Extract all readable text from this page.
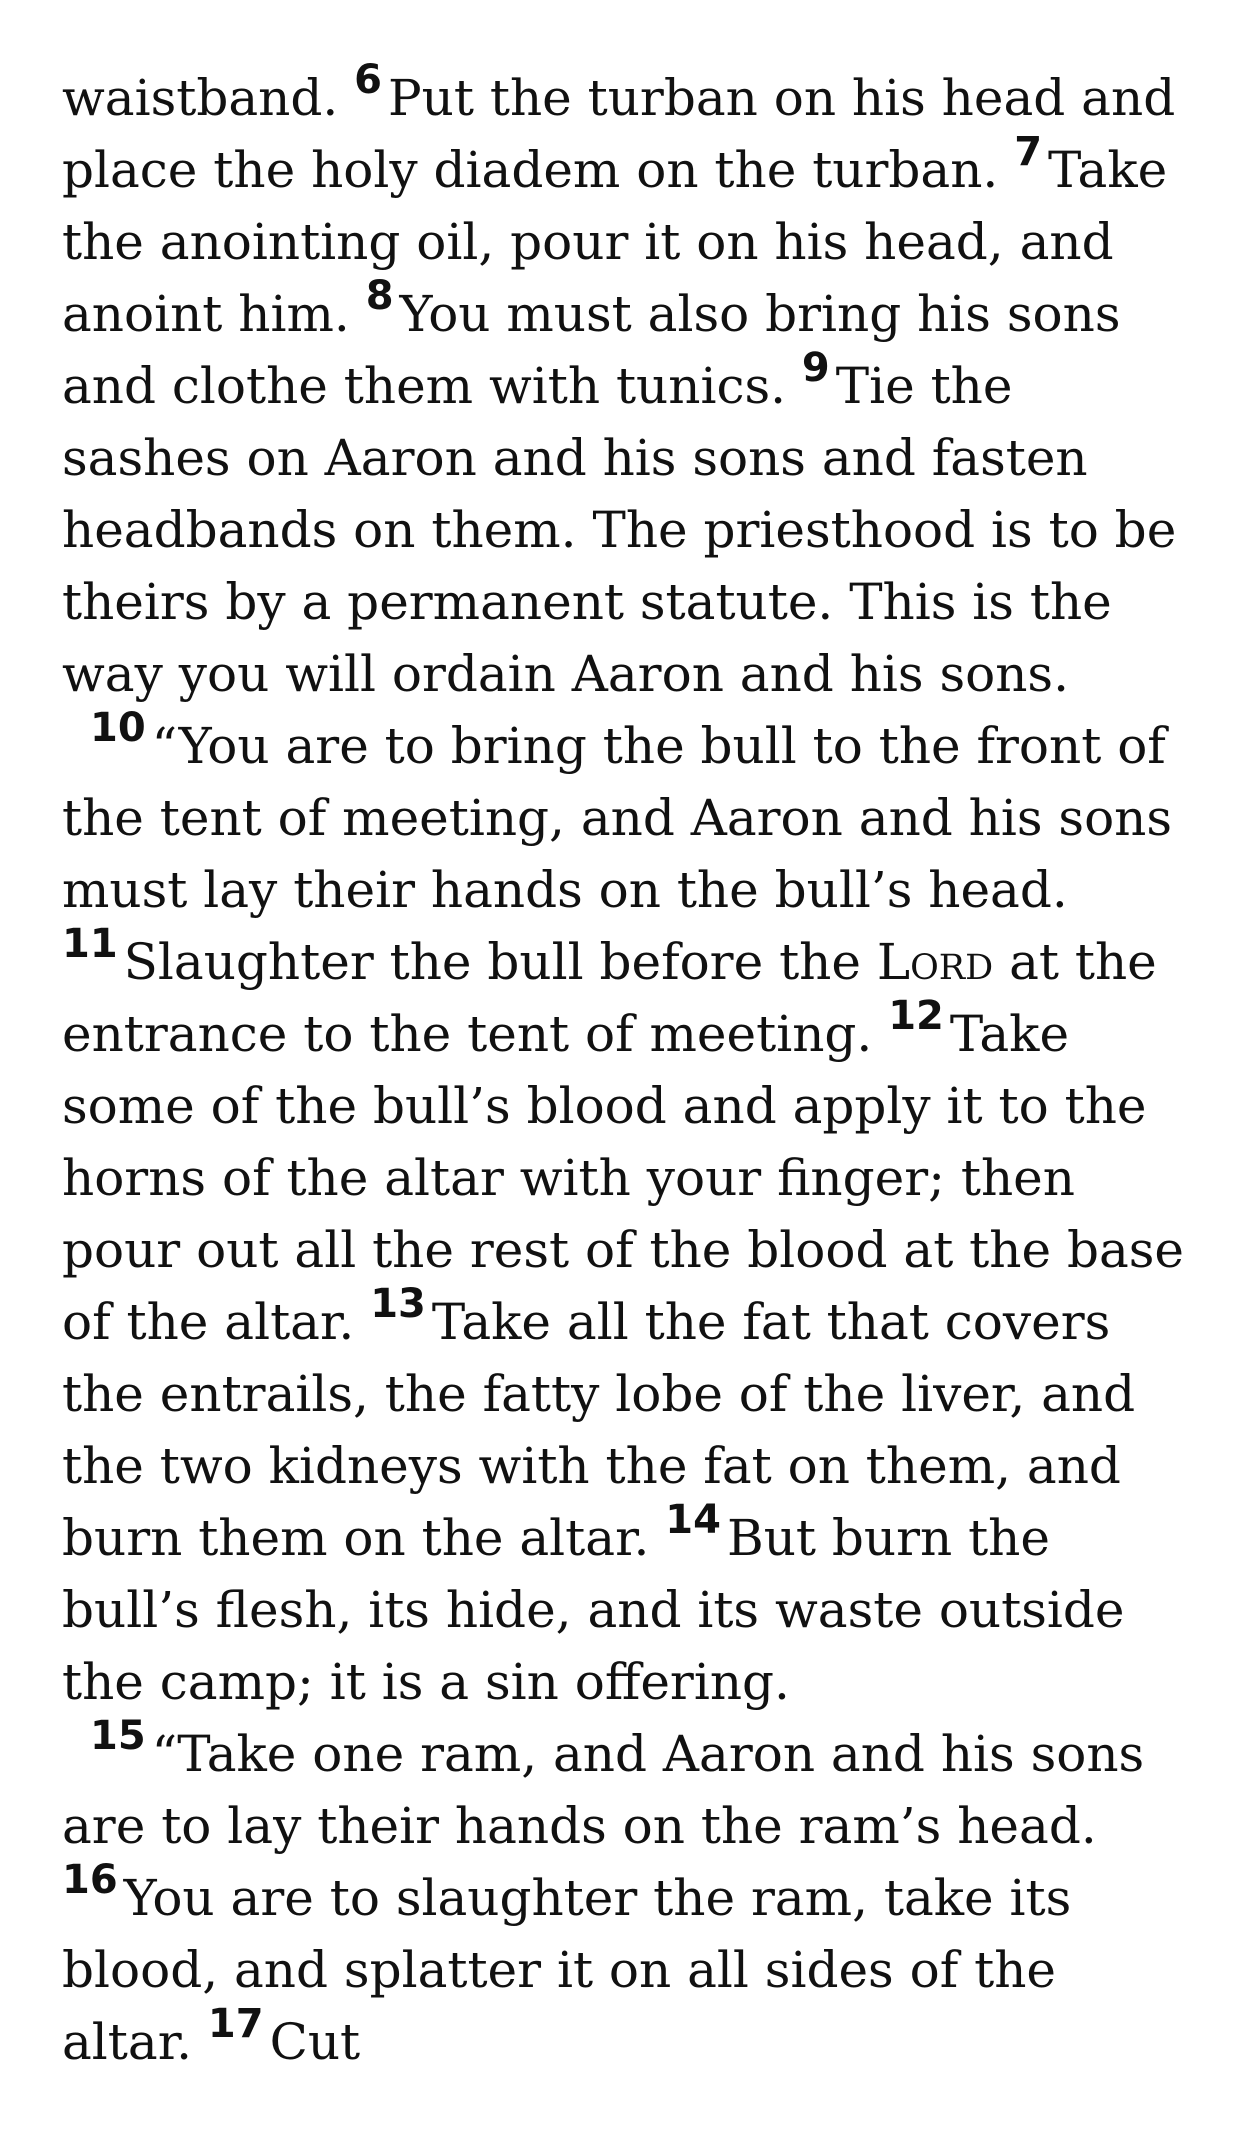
waistband. $^6$ Put the turban on his head and place the holy diadem on the turban. $^7$ Take the anointing oil, pour it on his head, and anoint him. $^8$ You must also bring his sons and clothe them with tunics. $^9$ Tie the sashes on Aaron and his sons and fasten headbands on them. The priesthood is to be theirs by a permanent statute. This is the way you will ordain Aaron and his sons.

$^{10}$ “You are to bring the bull to the front of the tent of meeting, and Aaron and his sons must lay their hands on the bull’s head. $^{11}$ Slaughter the bull before the Lord at the entrance to the tent of meeting. $^{12}$ Take some of the bull’s blood and apply it to the horns of the altar with your finger; then pour out all the rest of the blood at the base of the altar. $^{13}$ Take all the fat that covers the entrails, the fatty lobe of the liver, and the two kidneys with the fat on them, and burn them on the altar. $^{14}$ But burn the bull’s flesh, its hide, and its waste outside the camp; it is a sin offering.

$^{15}$ “Take one ram, and Aaron and his sons are to lay their hands on the ram’s head. $^{16}$ You are to slaughter the ram, take its blood, and splatter it on all sides of the altar. $^{17}$ Cut
